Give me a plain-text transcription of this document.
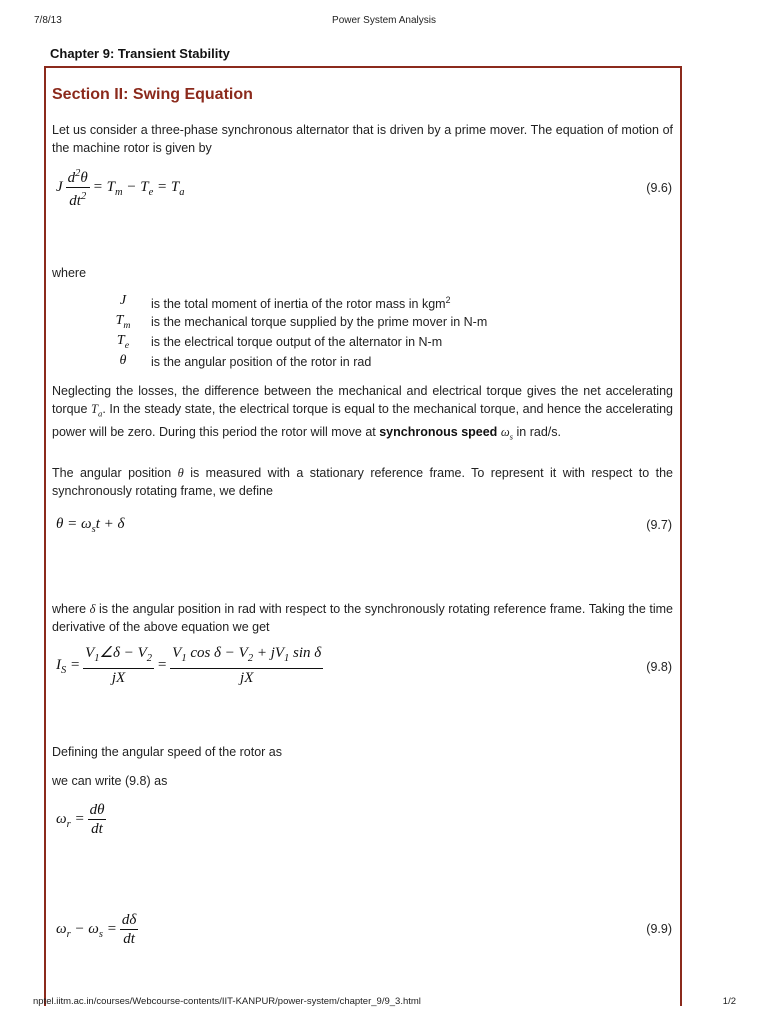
7/8/13	Power System Analysis
Chapter 9: Transient Stability
Section II: Swing Equation
Let us consider a three-phase synchronous alternator that is driven by a prime mover. The equation of motion of the machine rotor is given by
J $\frac{d^2\theta}{dt^2} = T_m - T_e = T_a$	(9.6)
where
J	is the total moment of inertia of the rotor mass in kgm$^2$
$T_m$	is the mechanical torque supplied by the prime mover in N-m
$T_e$	is the electrical torque output of the alternator in N-m
θ	is the angular position of the rotor in rad
Neglecting the losses, the difference between the mechanical and electrical torque gives the net accelerating torque $T_a$. In the steady state, the electrical torque is equal to the mechanical torque, and hence the accelerating power will be zero. During this period the rotor will move at synchronous speed $\omega_s$ in rad/s.
The angular position θ is measured with a stationary reference frame. To represent it with respect to the synchronously rotating frame, we define
$\theta = \omega_st + \delta$	(9.7)
where δ is the angular position in rad with respect to the synchronously rotating reference frame. Taking the time derivative of the above equation we get
$I_S = \frac{V_1\angle\delta - V_2}{jX} = \frac{V_1 \cos \delta - V_2 + jV_1 \sin \delta}{jX}$	(9.8)
Defining the angular speed of the rotor as
we can write (9.8) as
$\omega_r = \frac{d\theta}{dt}$
$\omega_r - \omega_s = \frac{d\delta}{dt}$	(9.9)
nptel.iitm.ac.in/courses/Webcourse-contents/IIT-KANPUR/power-system/chapter_9/9_3.html	1/2
